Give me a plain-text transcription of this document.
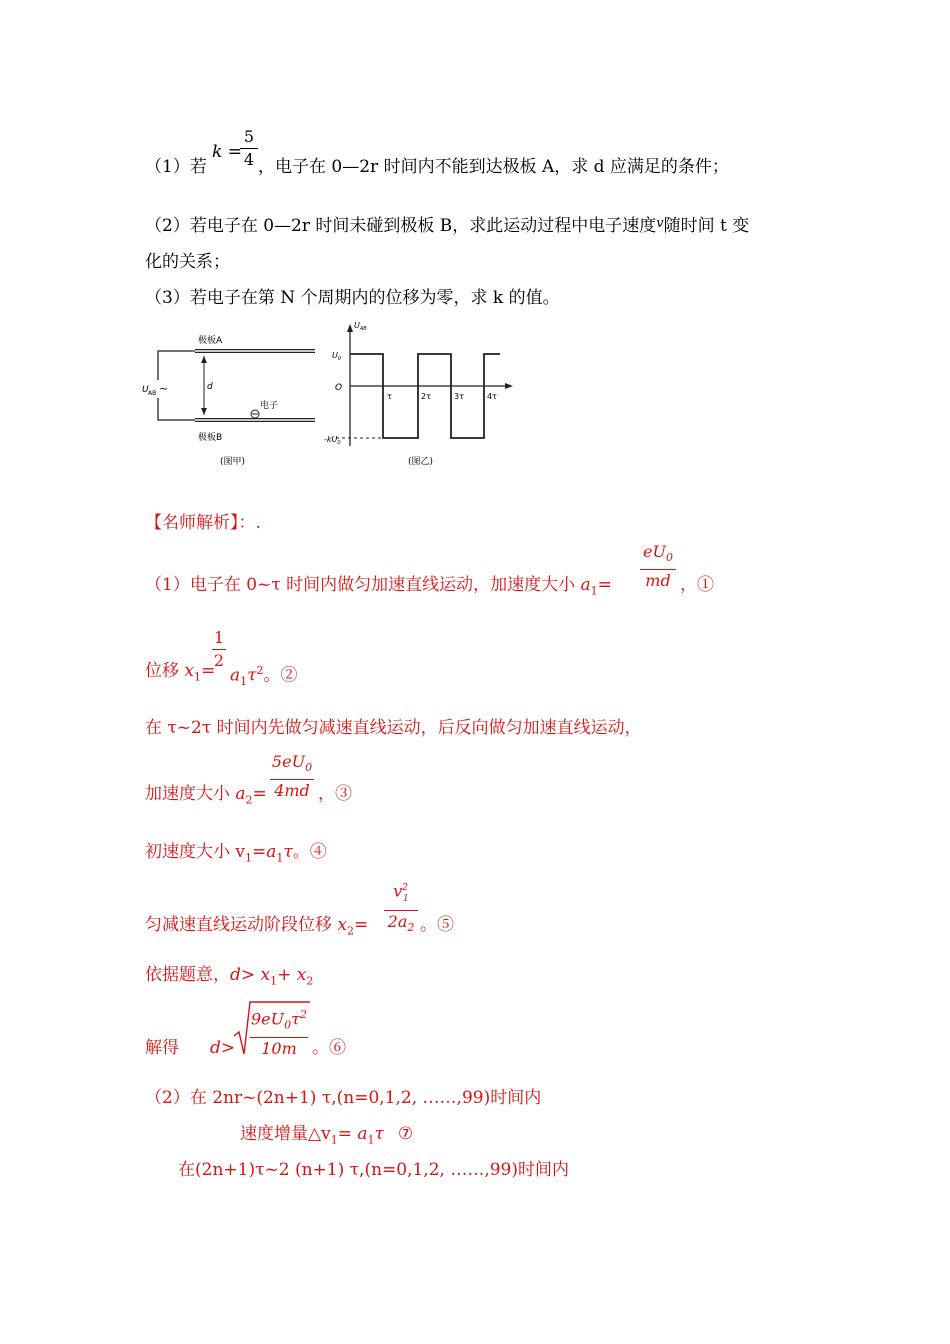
（1）若
k =
5
4 ，电子在 0—2r 时间内不能到达极板 A，求 d 应满足的条件；
（2）若电子在 0—2r 时间未碰到极板 B，求此运动过程中电子速度$^v$随时间 t 变
化的关系；
（3）若电子在第 N 个周期内的位移为零，求 k 的值。
极板A
极板B
d
电子
U AB ~
(图甲)
$U_{AB}$
$U_0$
O
$-kU_0$
τ	2τ	3τ	4τ
(图乙)
【名师解析】：.
（1）电子在 0~τ 时间内做匀加速直线运动，加速度大小 $a_1=$
$eU_0$
md ，①
位移 $x_1=$
1
2
$a_1\tau^2$。②
在 τ~2τ 时间内先做匀减速直线运动，后反向做匀加速直线运动，
加速度大小 $a_2=$
$5eU_0$
4md ，③
初速度大小 $v_1=a_1\tau$。④
匀减速直线运动阶段位移 $x_2=$
$v^2_1$
$2a_2$ 。⑤
依据题意，$d> x_1+ x_2$
解得 d>
$9eU_0\tau^2$
10m 。⑥
（2）在 2nr~(2n+1) τ,(n=0,1,2, ……,99)时间内
速度增量$\triangle v_1= a_1\tau$ ⑦
在(2n+1)τ~2 (n+1) τ,(n=0,1,2, ……,99)时间内
